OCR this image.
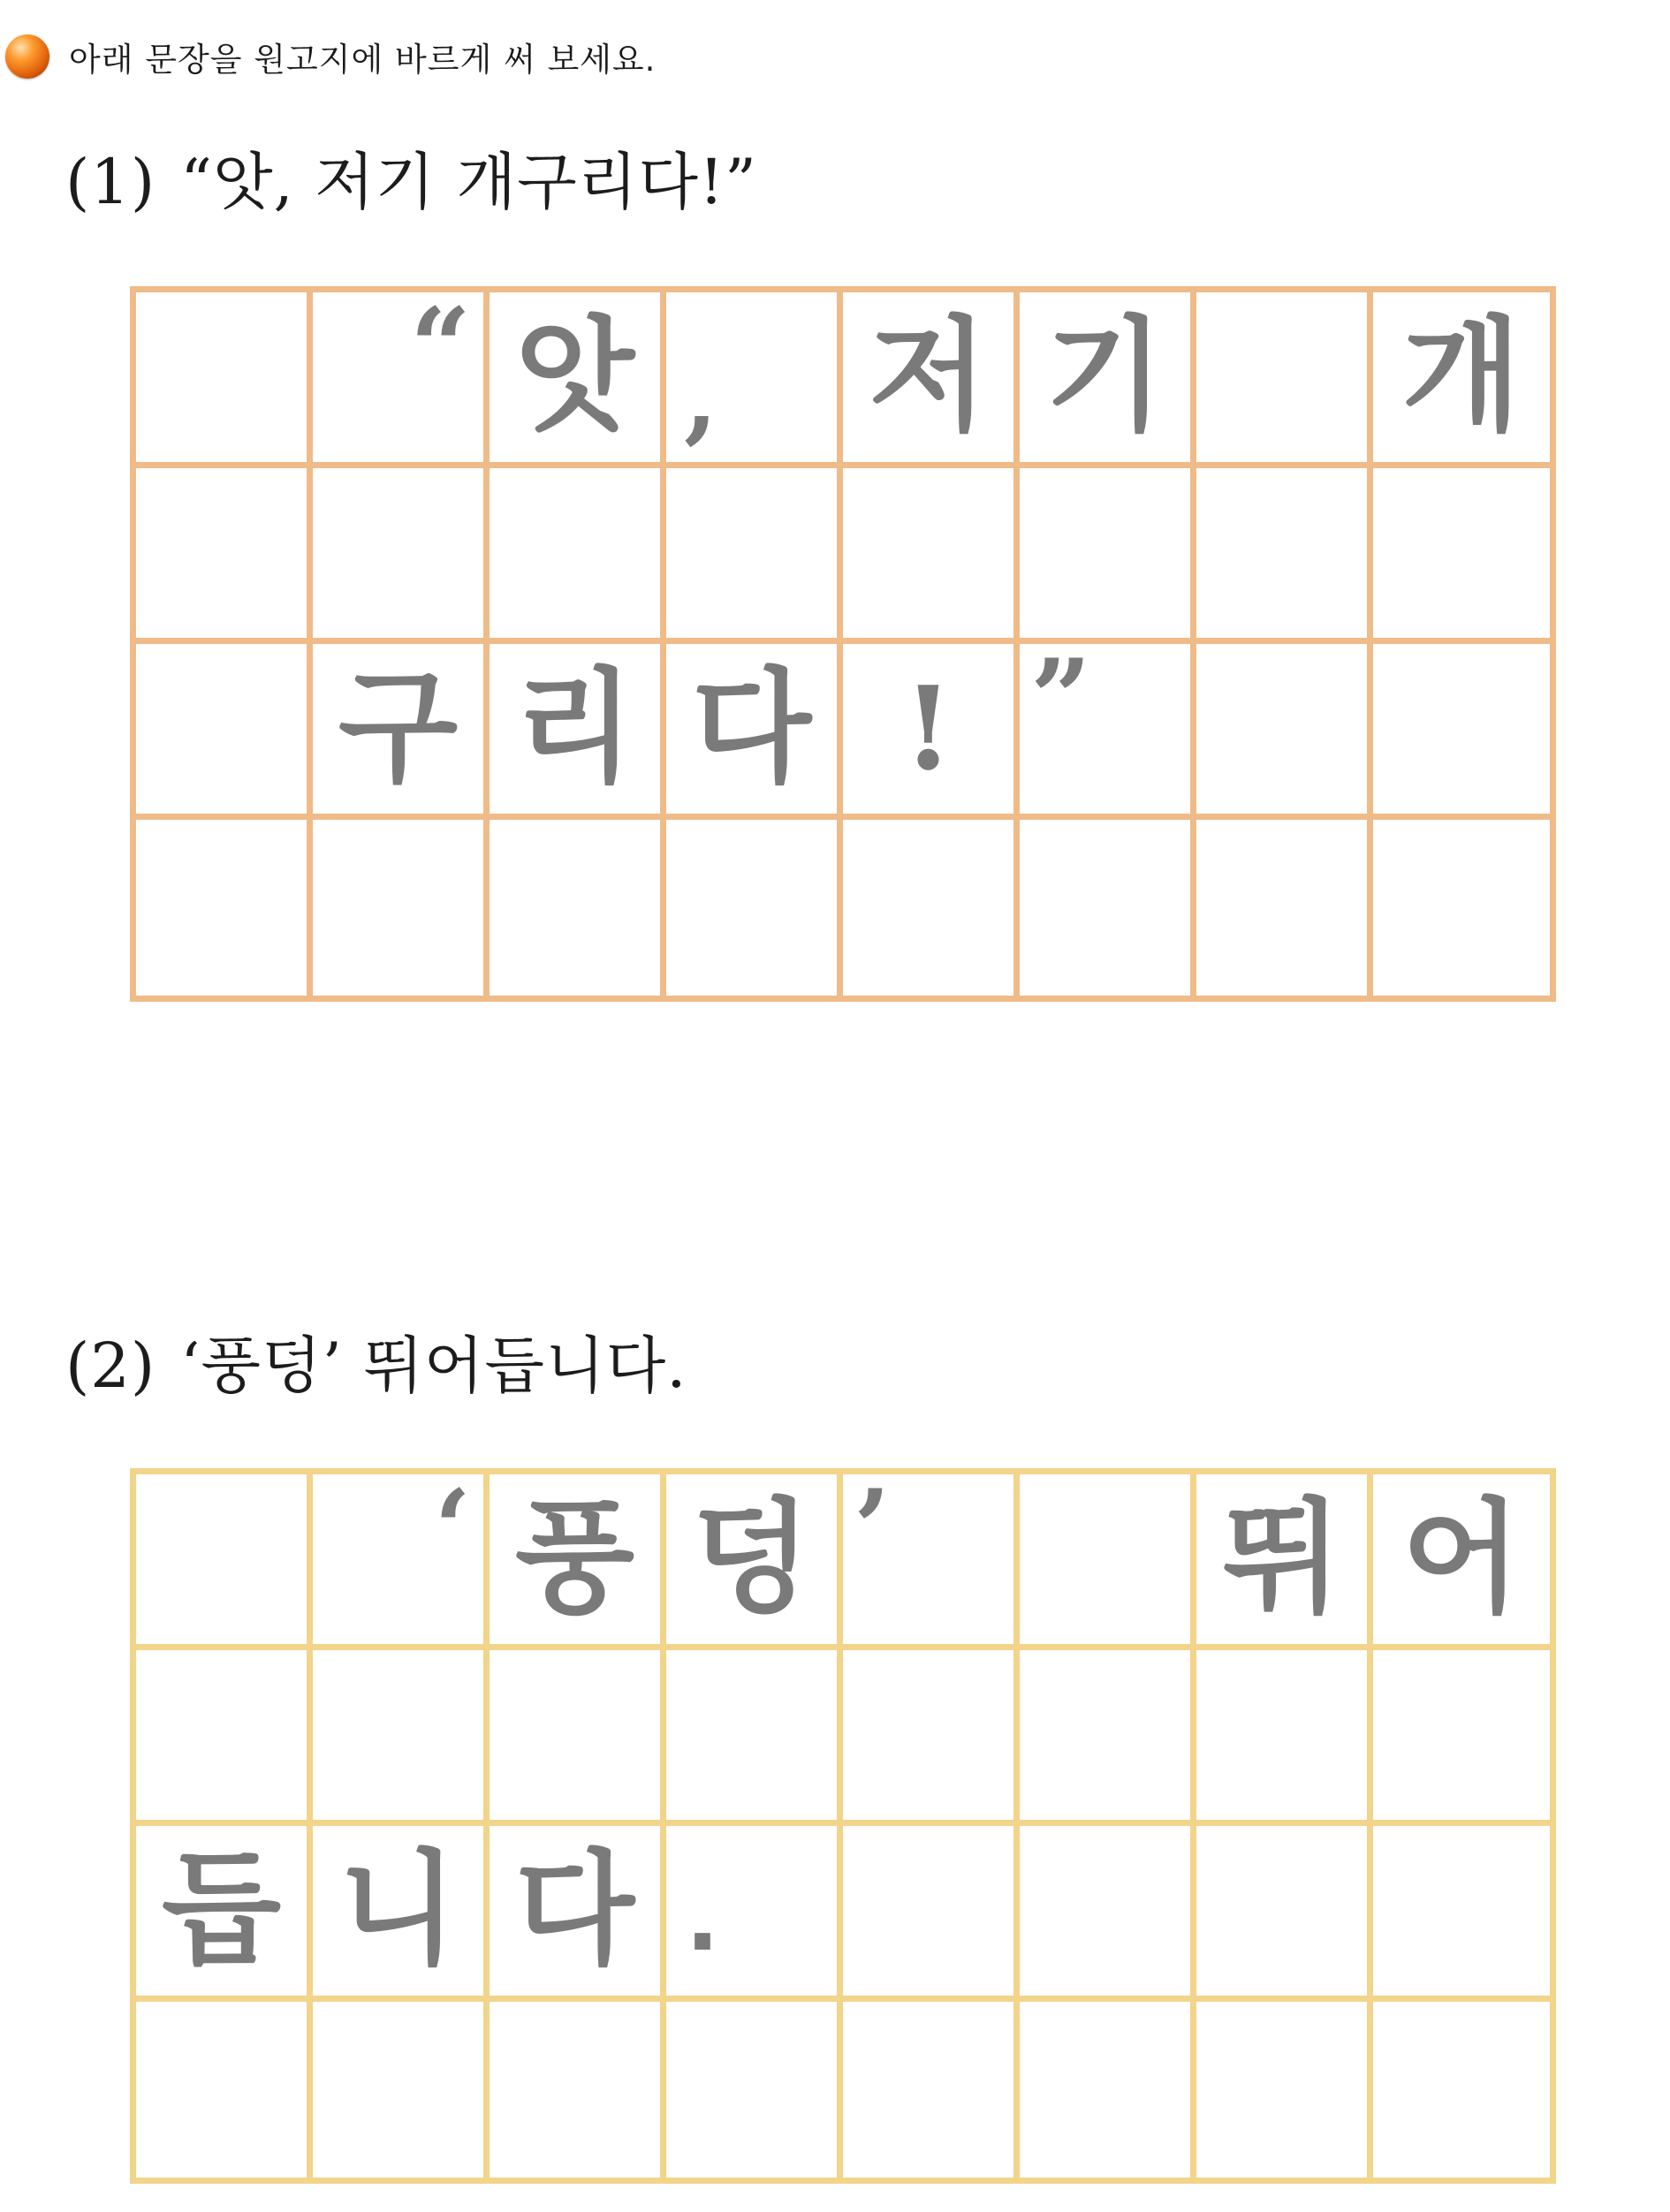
아래 문장을 원고지에 바르게 써 보세요.
(1) “앗, 저기 개구리다!”
“ 앗 ,	저 기 개
구 리 다 ! ”
(2) ‘풍덩’ 뛰어듭니다.
‘ 풍 덩 ’	뛰 어
듭 니 다 .
